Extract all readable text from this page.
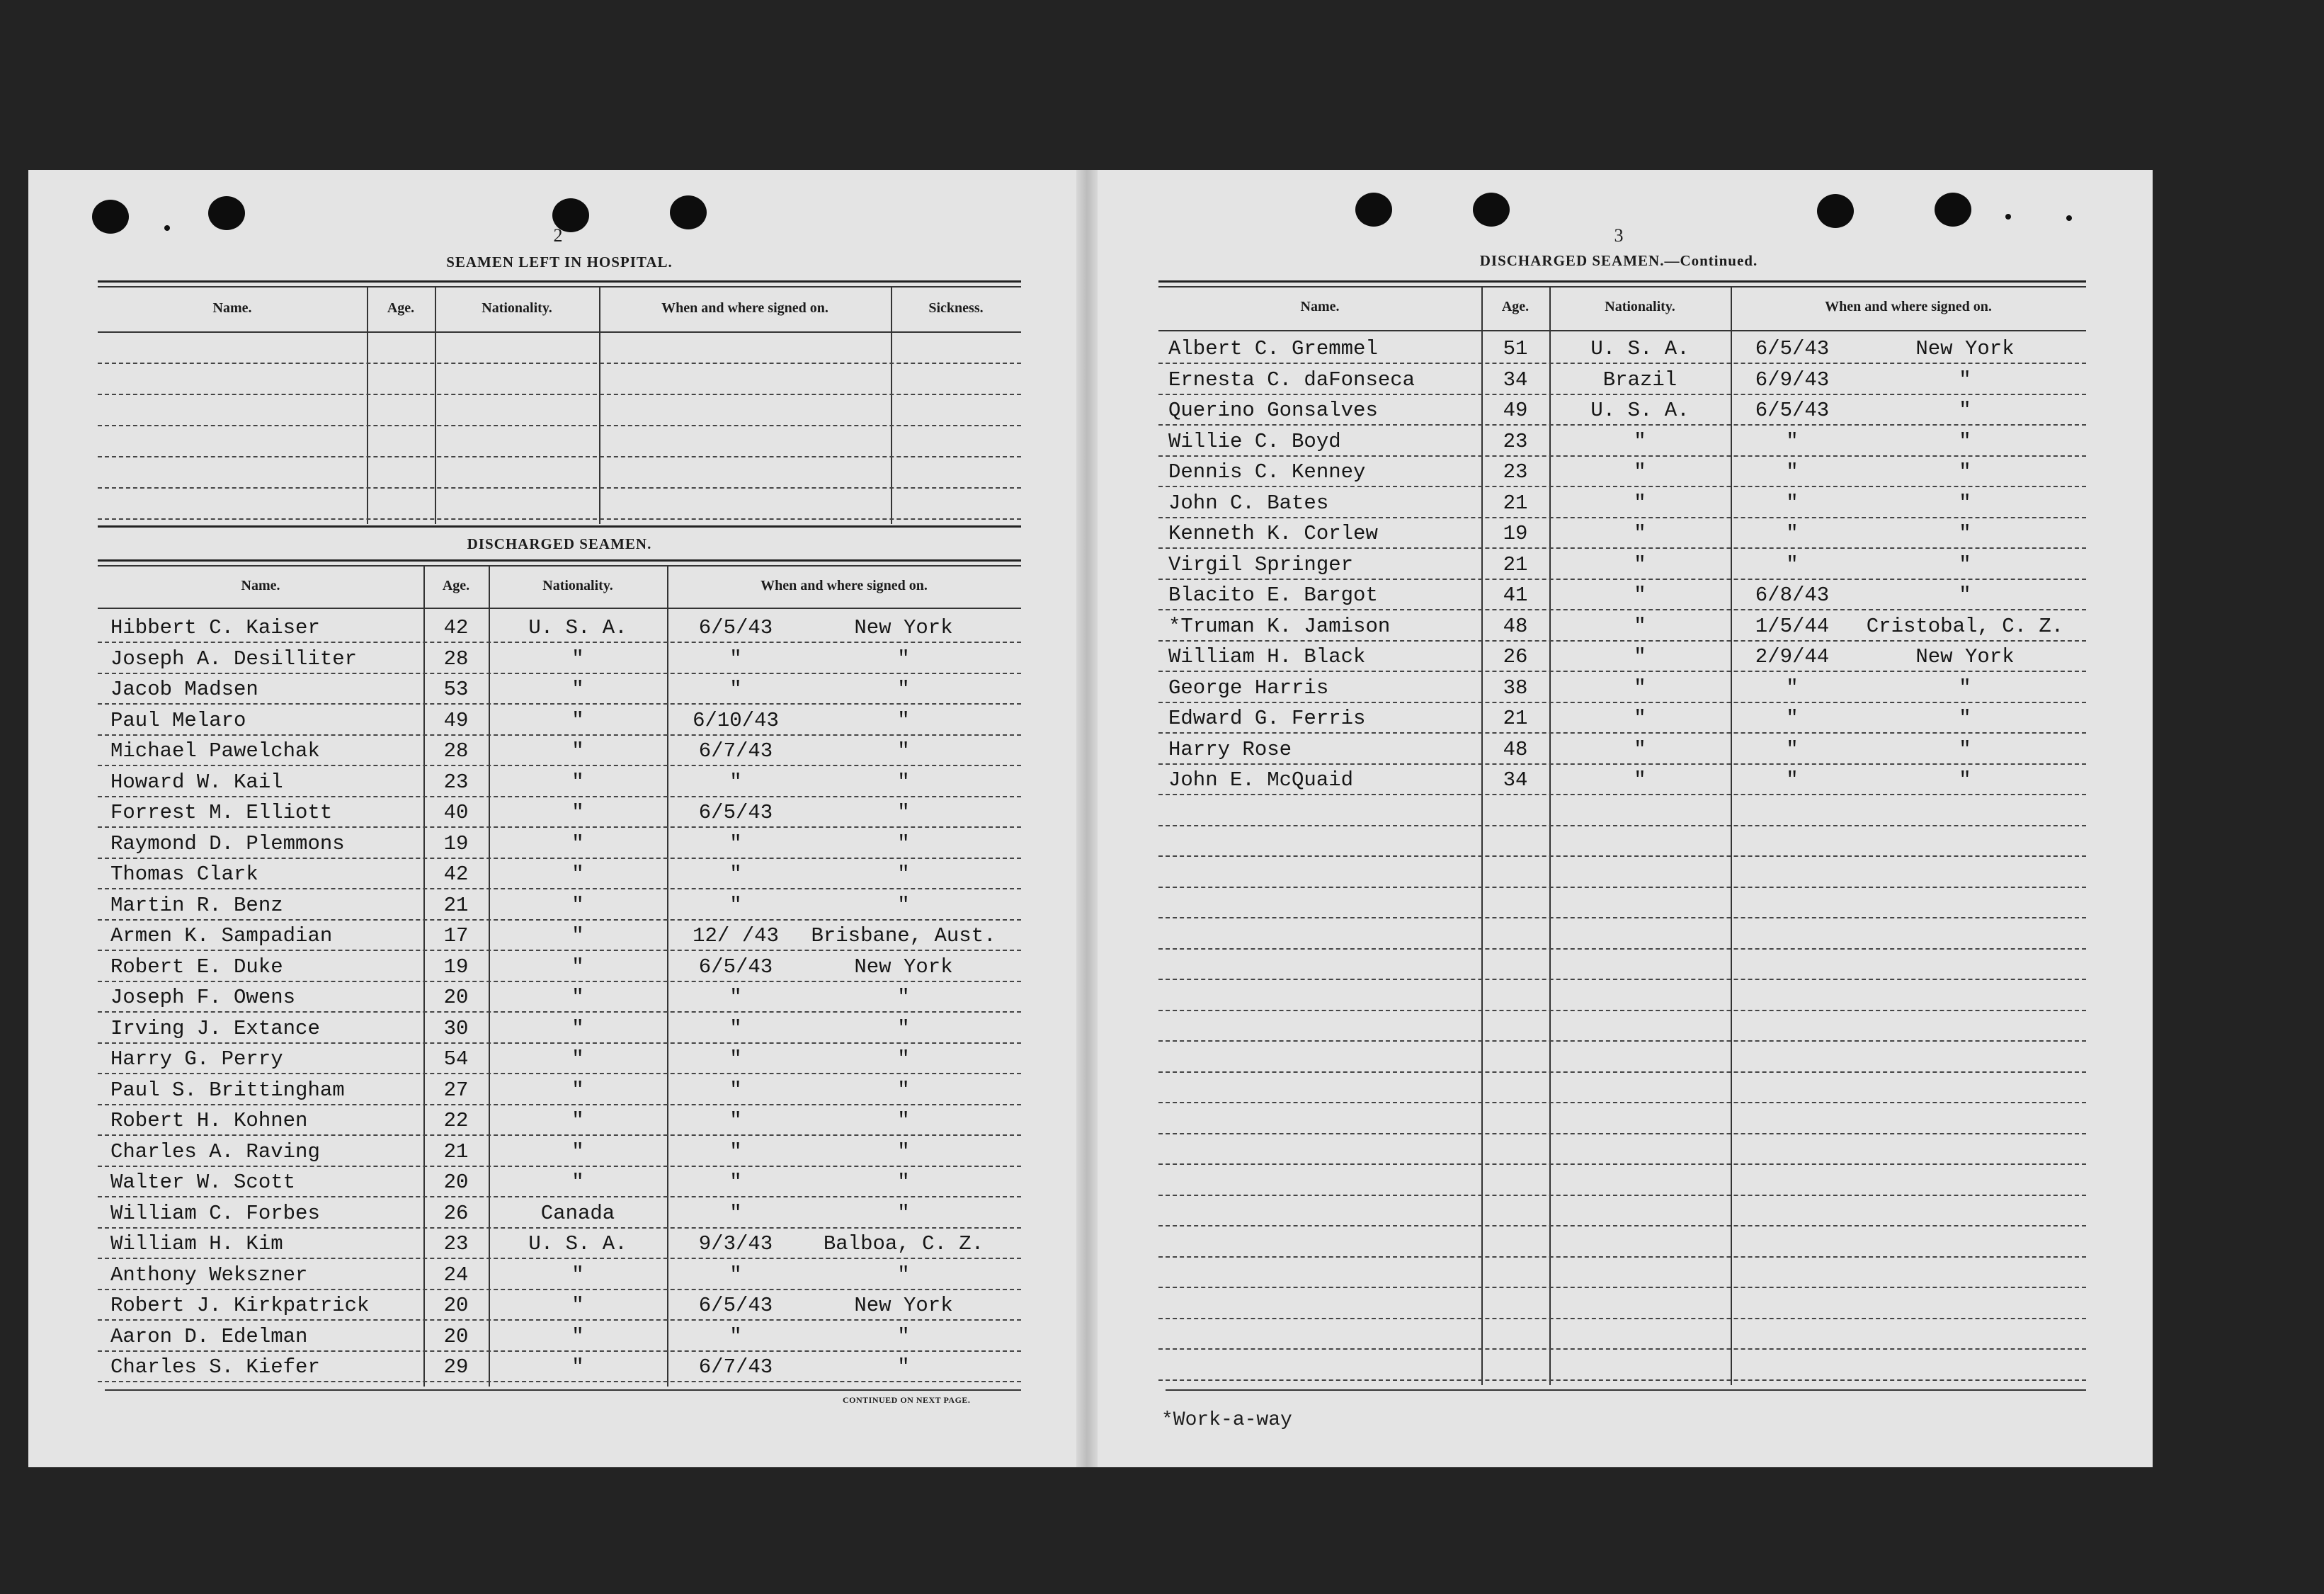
2
SEAMEN LEFT IN HOSPITAL.
Name.	Age.	Nationality.	When and where signed on.	Sickness.
DISCHARGED SEAMEN.
Name.	Age.	Nationality.	When and where signed on.
Hibbert C. Kaiser	42	U. S. A.	6/5/43	New York
Joseph A. Desilliter	28	"	"	"
Jacob Madsen	53	"	"	"
Paul Melaro	49	"	6/10/43	"
Michael Pawelchak	28	"	6/7/43	"
Howard W. Kail	23	"	"	"
Forrest M. Elliott	40	"	6/5/43	"
Raymond D. Plemmons	19	"	"	"
Thomas Clark	42	"	"	"
Martin R. Benz	21	"	"	"
Armen K. Sampadian	17	"	12/ /43	Brisbane, Aust.
Robert E. Duke	19	"	6/5/43	New York
Joseph F. Owens	20	"	"	"
Irving J. Extance	30	"	"	"
Harry G. Perry	54	"	"	"
Paul S. Brittingham	27	"	"	"
Robert H. Kohnen	22	"	"	"
Charles A. Raving	21	"	"	"
Walter W. Scott	20	"	"	"
William C. Forbes	26	Canada	"	"
William H. Kim	23	U. S. A.	9/3/43	Balboa, C. Z.
Anthony Wekszner	24	"	"	"
Robert J. Kirkpatrick	20	"	6/5/43	New York
Aaron D. Edelman	20	"	"	"
Charles S. Kiefer	29	"	6/7/43	"
CONTINUED ON NEXT PAGE.
3
DISCHARGED SEAMEN.—Continued.
Name.	Age.	Nationality.	When and where signed on.
Albert C. Gremmel	51	U. S. A.	6/5/43	New York
Ernesta C. daFonseca	34	Brazil	6/9/43	"
Querino Gonsalves	49	U. S. A.	6/5/43	"
Willie C. Boyd	23	"	"	"
Dennis C. Kenney	23	"	"	"
John C. Bates	21	"	"	"
Kenneth K. Corlew	19	"	"	"
Virgil Springer	21	"	"	"
Blacito E. Bargot	41	"	6/8/43	"
*Truman K. Jamison	48	"	1/5/44	Cristobal, C. Z.
William H. Black	26	"	2/9/44	New York
George Harris	38	"	"	"
Edward G. Ferris	21	"	"	"
Harry Rose	48	"	"	"
John E. McQuaid	34	"	"	"
*Work-a-way
